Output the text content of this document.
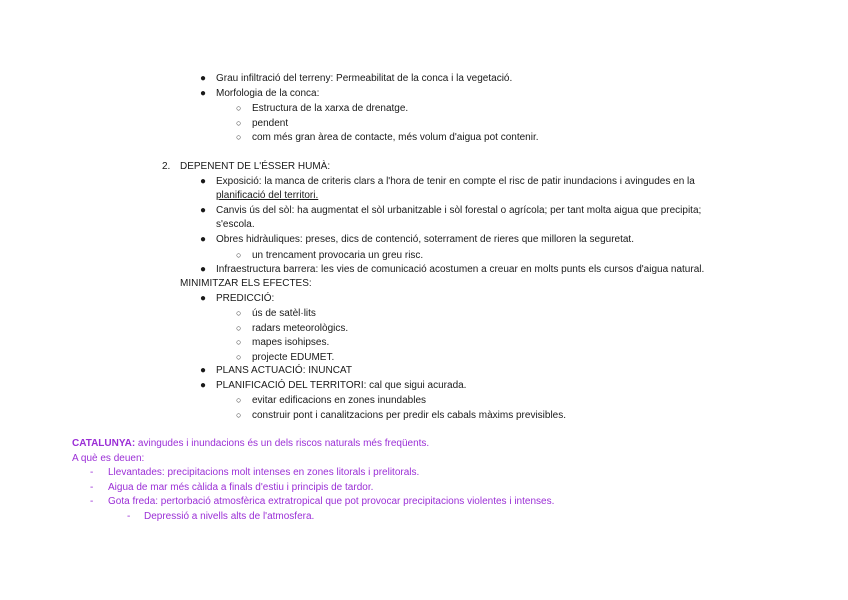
● Grau infiltració del terreny: Permeabilitat de la conca i la vegetació.
● Morfologia de la conca:
○ Estructura de la xarxa de drenatge.
○ pendent
○ com més gran àrea de contacte, més volum d'aigua pot contenir.
2. DEPENENT DE L'ÉSSER HUMÀ:
● Exposició: la manca de criteris clars a l'hora de tenir en compte el risc de patir inundacions i avingudes en la
planificació del territori.
● Canvis ús del sòl: ha augmentat el sòl urbanitzable i sòl forestal o agrícola; per tant molta aigua que precipita;
s'escola.
● Obres hidràuliques: preses, dics de contenció, soterrament de rieres que milloren la seguretat.
○ un trencament provocaria un greu risc.
● Infraestructura barrera: les vies de comunicació acostumen a creuar en molts punts els cursos d'aigua natural.
MINIMITZAR ELS EFECTES:
● PREDICCIÓ:
○ ús de satèl·lits
○ radars meteorològics.
○ mapes isohipses.
○ projecte EDUMET.
● PLANS ACTUACIÓ: INUNCAT
● PLANIFICACIÓ DEL TERRITORI: cal que sigui acurada.
○ evitar edificacions en zones inundables
○ construir pont i canalitzacions per predir els cabals màxims previsibles.
CATALUNYA: avingudes i inundacions és un dels riscos naturals més freqüents.
A què es deuen:
- Llevantades: precipitacions molt intenses en zones litorals i prelitorals.
- Aigua de mar més càlida a finals d'estiu i principis de tardor.
- Gota freda: pertorbació atmosfèrica extratropical que pot provocar precipitacions violentes i intenses.
- Depressió a nivells alts de l'atmosfera.
